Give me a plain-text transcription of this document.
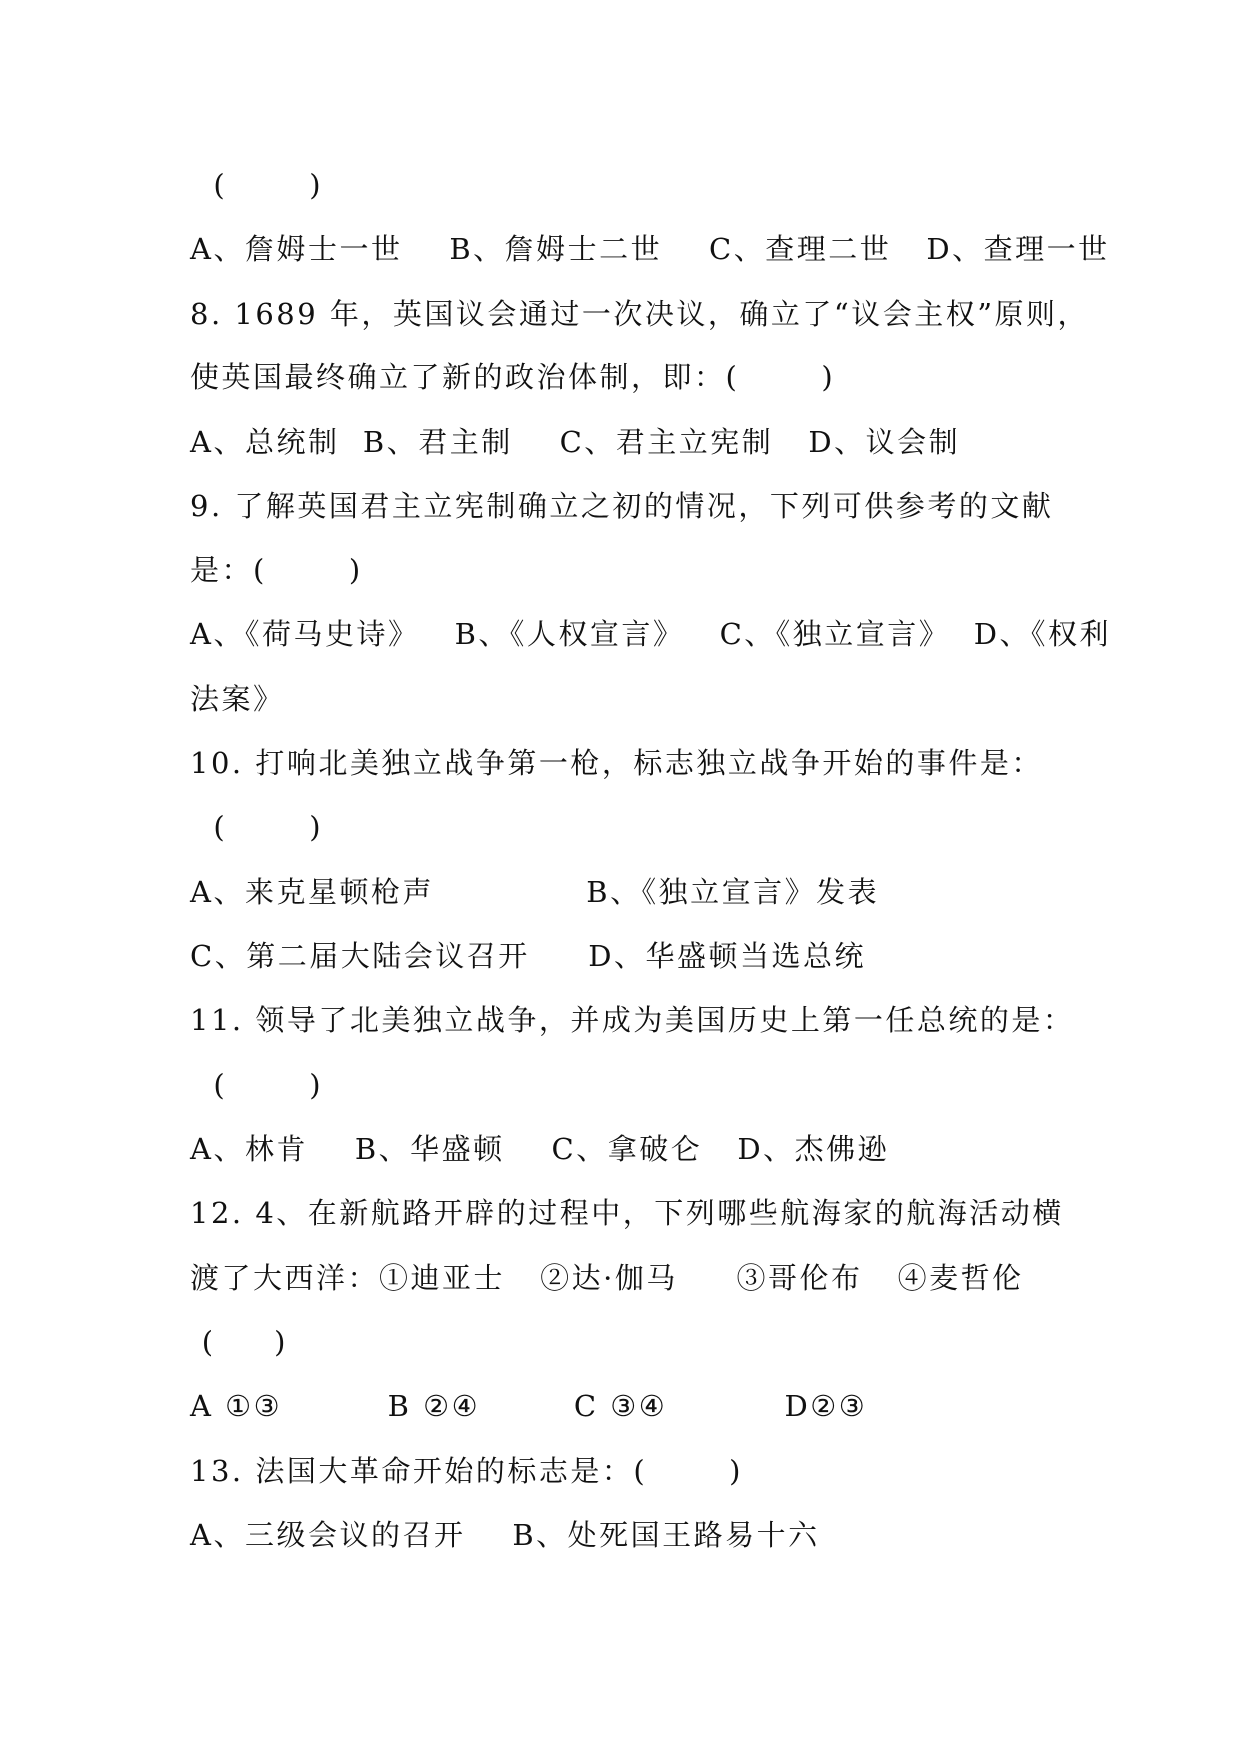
(       )
A、詹姆士一世    B、詹姆士二世    C、查理二世   D、查理一世
8. 1689 年，英国议会通过一次决议，确立了“议会主权”原则，
使英国最终确立了新的政治体制，即：(       )
A、总统制  B、君主制    C、君主立宪制   D、议会制
9. 了解英国君主立宪制确立之初的情况，下列可供参考的文献
是：(       )
A、《荷马史诗》   B、《人权宣言》   C、《独立宣言》  D、《权利
法案》
10. 打响北美独立战争第一枪，标志独立战争开始的事件是：
(       )
A、来克星顿枪声             B、《独立宣言》发表
C、第二届大陆会议召开     D、华盛顿当选总统
11. 领导了北美独立战争，并成为美国历史上第一任总统的是：
(       )
A、林肯    B、华盛顿    C、拿破仑   D、杰佛逊
12. 4、在新航路开辟的过程中，下列哪些航海家的航海活动横
渡了大西洋：①迪亚士   ②达·伽马     ③哥伦布   ④麦哲伦
(     )
A ①③         B ②④        C ③④          D②③
13. 法国大革命开始的标志是：(       )
A、三级会议的召开    B、处死国王路易十六
